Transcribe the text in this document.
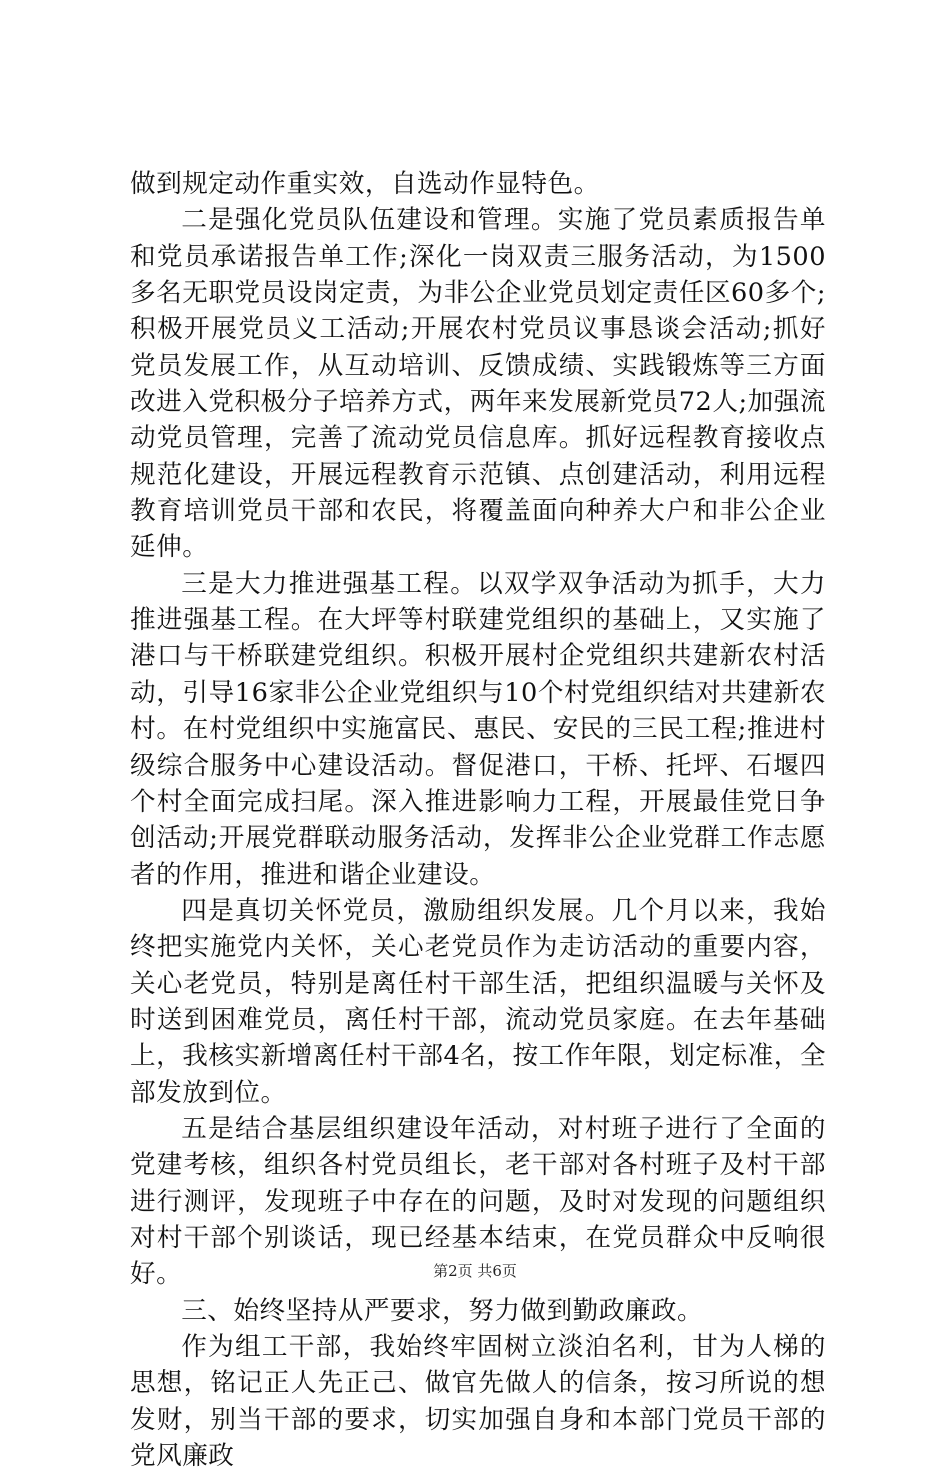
做到规定动作重实效，自选动作显特色。

二是强化党员队伍建设和管理。实施了党员素质报告单和党员承诺报告单工作;深化一岗双责三服务活动，为1500多名无职党员设岗定责，为非公企业党员划定责任区60多个;积极开展党员义工活动;开展农村党员议事恳谈会活动;抓好党员发展工作，从互动培训、反馈成绩、实践锻炼等三方面改进入党积极分子培养方式，两年来发展新党员72人;加强流动党员管理，完善了流动党员信息库。抓好远程教育接收点规范化建设，开展远程教育示范镇、点创建活动，利用远程教育培训党员干部和农民，将覆盖面向种养大户和非公企业延伸。

三是大力推进强基工程。以双学双争活动为抓手，大力推进强基工程。在大坪等村联建党组织的基础上，又实施了港口与干桥联建党组织。积极开展村企党组织共建新农村活动，引导16家非公企业党组织与10个村党组织结对共建新农村。在村党组织中实施富民、惠民、安民的三民工程;推进村级综合服务中心建设活动。督促港口，干桥、托坪、石堰四个村全面完成扫尾。深入推进影响力工程，开展最佳党日争创活动;开展党群联动服务活动，发挥非公企业党群工作志愿者的作用，推进和谐企业建设。

四是真切关怀党员，激励组织发展。几个月以来，我始终把实施党内关怀，关心老党员作为走访活动的重要内容，关心老党员，特别是离任村干部生活，把组织温暖与关怀及时送到困难党员，离任村干部，流动党员家庭。在去年基础上，我核实新增离任村干部4名，按工作年限，划定标准，全部发放到位。

五是结合基层组织建设年活动，对村班子进行了全面的党建考核，组织各村党员组长，老干部对各村班子及村干部进行测评，发现班子中存在的问题，及时对发现的问题组织对村干部个别谈话，现已经基本结束，在党员群众中反响很好。

三、始终坚持从严要求，努力做到勤政廉政。

作为组工干部，我始终牢固树立淡泊名利，甘为人梯的思想，铭记正人先正己、做官先做人的信条，按习所说的想发财，别当干部的要求，切实加强自身和本部门党员干部的党风廉政

第2页 共6页
